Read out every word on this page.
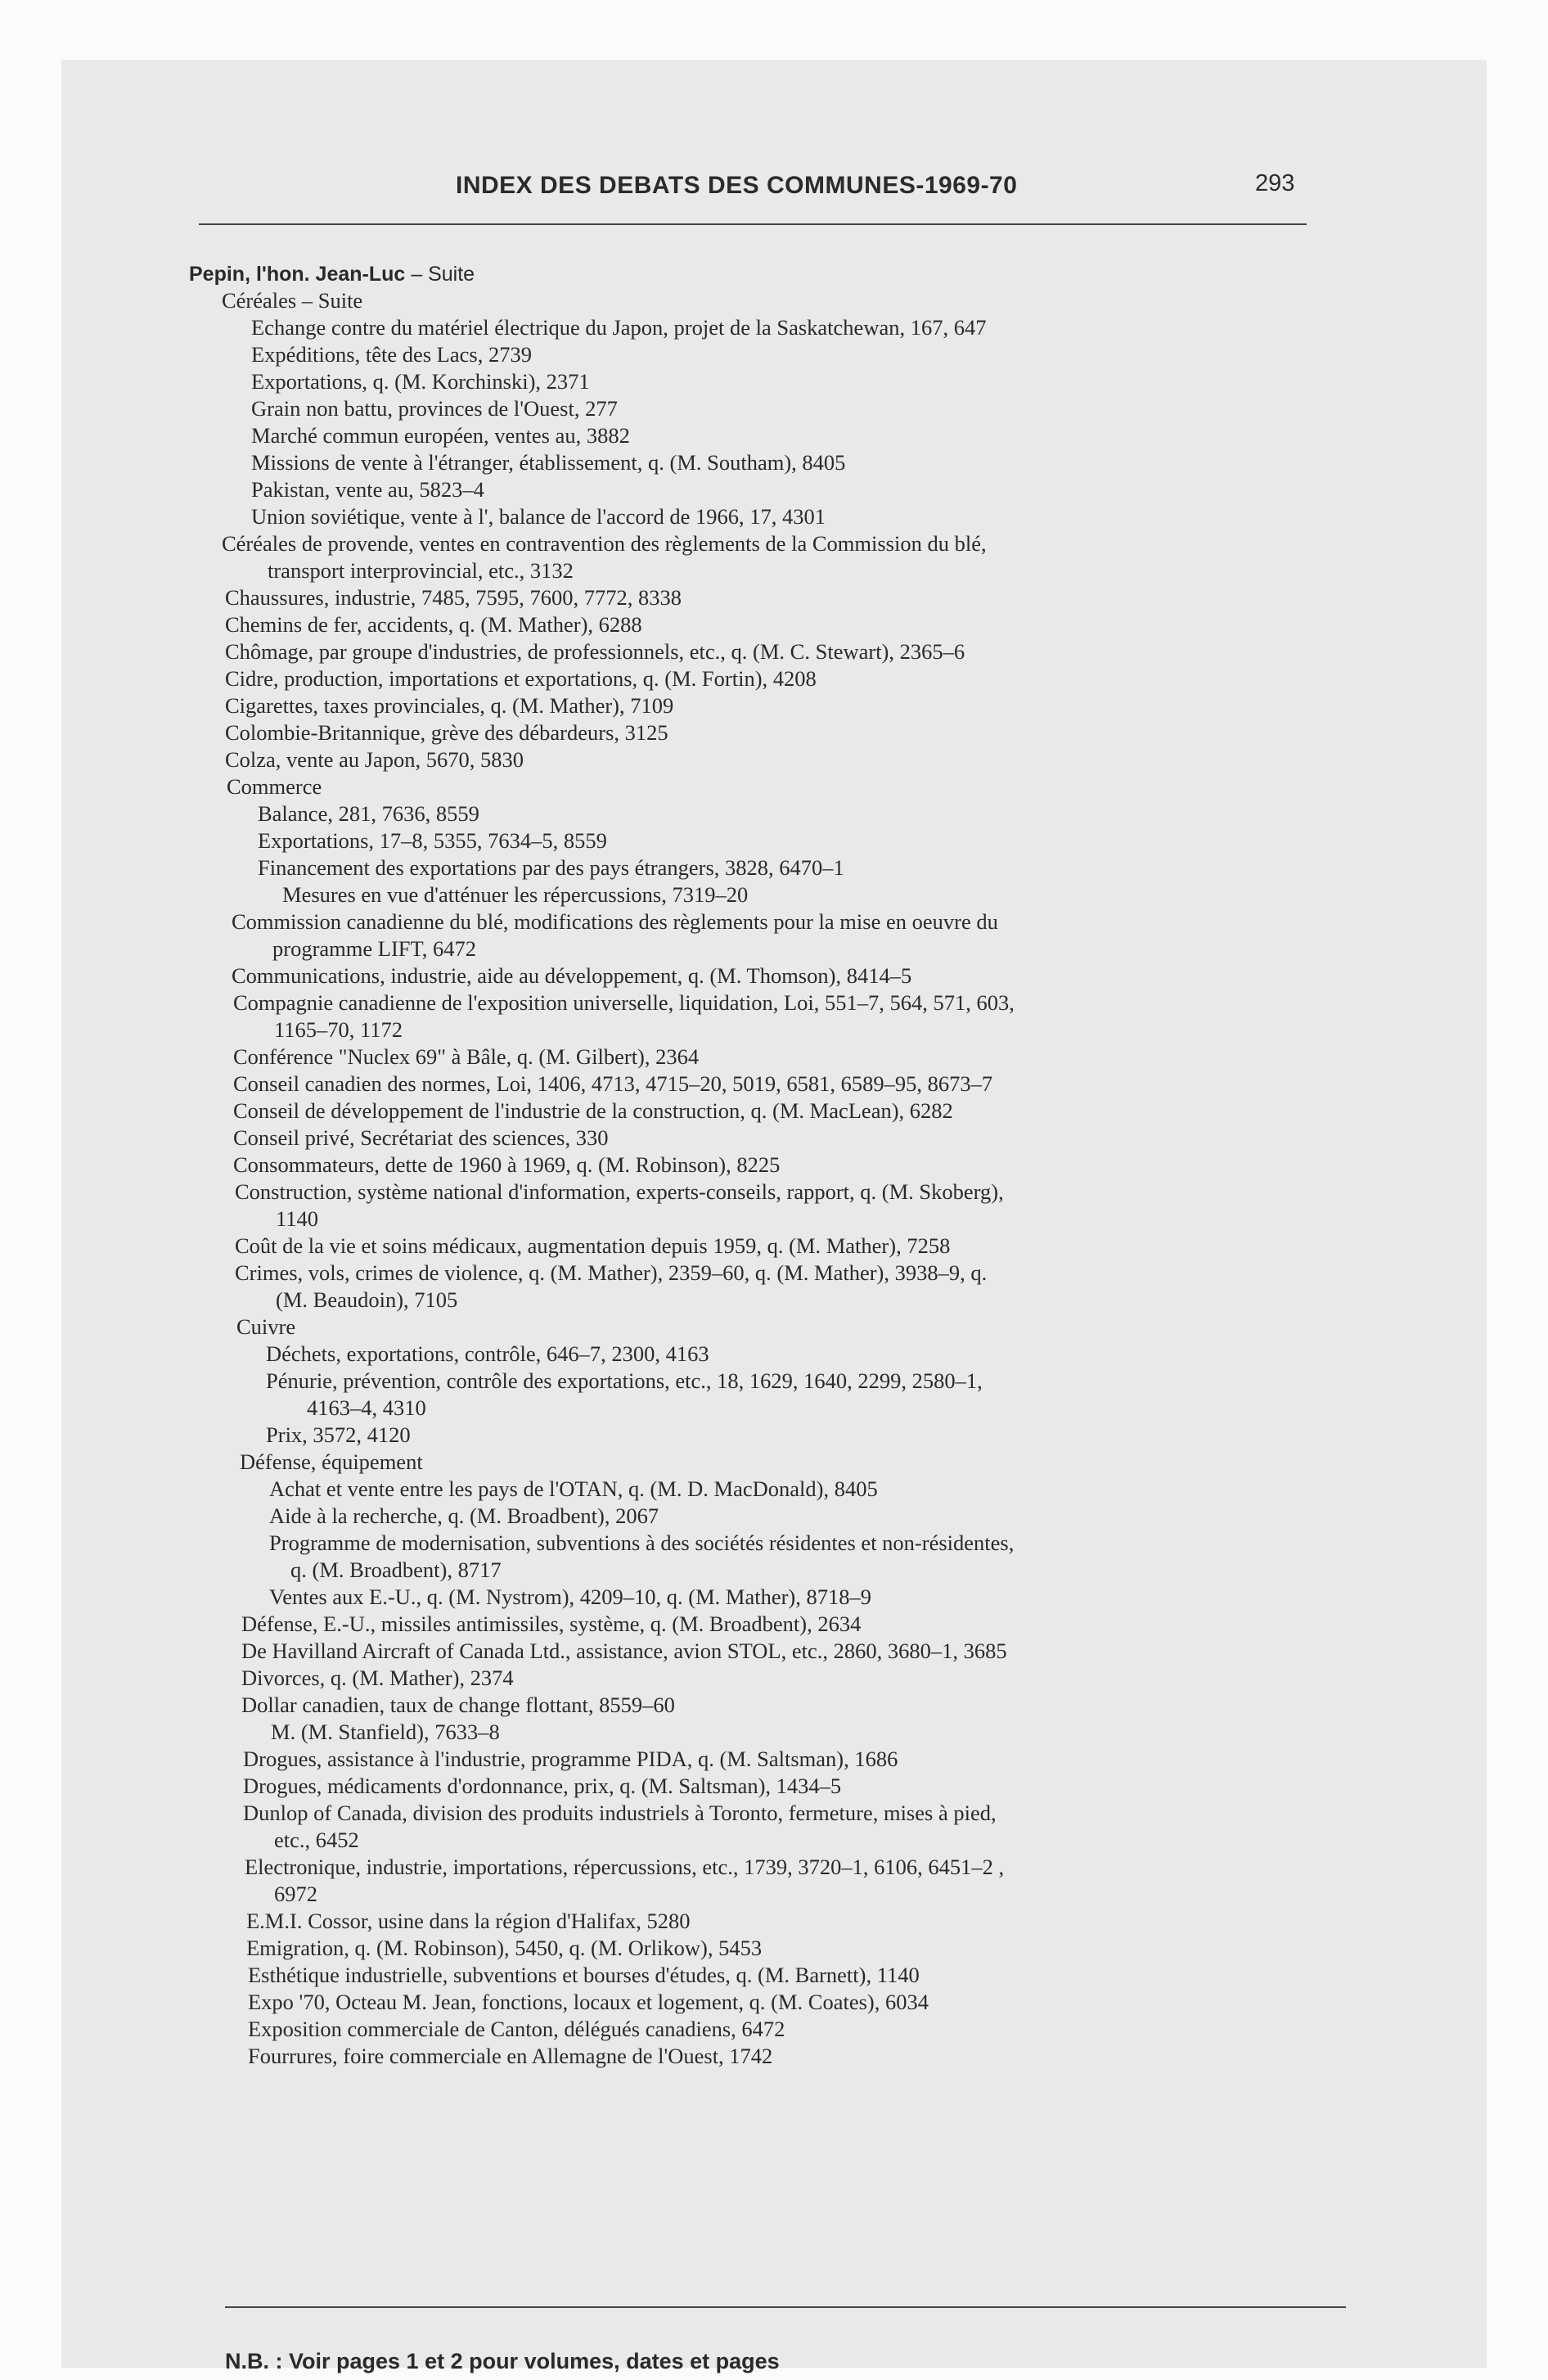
INDEX DES DEBATS DES COMMUNES-1969-70	293
Pepin, l'hon. Jean-Luc – Suite
Céréales – Suite
Echange contre du matériel électrique du Japon, projet de la Saskatchewan, 167, 647
Expéditions, tête des Lacs, 2739
Exportations, q. (M. Korchinski), 2371
Grain non battu, provinces de l'Ouest, 277
Marché commun européen, ventes au, 3882
Missions de vente à l'étranger, établissement, q. (M. Southam), 8405
Pakistan, vente au, 5823–4
Union soviétique, vente à l', balance de l'accord de 1966, 17, 4301
Céréales de provende, ventes en contravention des règlements de la Commission du blé,
transport interprovincial, etc., 3132
Chaussures, industrie, 7485, 7595, 7600, 7772, 8338
Chemins de fer, accidents, q. (M. Mather), 6288
Chômage, par groupe d'industries, de professionnels, etc., q. (M. C. Stewart), 2365–6
Cidre, production, importations et exportations, q. (M. Fortin), 4208
Cigarettes, taxes provinciales, q. (M. Mather), 7109
Colombie-Britannique, grève des débardeurs, 3125
Colza, vente au Japon, 5670, 5830
Commerce
Balance, 281, 7636, 8559
Exportations, 17–8, 5355, 7634–5, 8559
Financement des exportations par des pays étrangers, 3828, 6470–1
Mesures en vue d'atténuer les répercussions, 7319–20
Commission canadienne du blé, modifications des règlements pour la mise en oeuvre du
programme LIFT, 6472
Communications, industrie, aide au développement, q. (M. Thomson), 8414–5
Compagnie canadienne de l'exposition universelle, liquidation, Loi, 551–7, 564, 571, 603,
1165–70, 1172
Conférence "Nuclex 69" à Bâle, q. (M. Gilbert), 2364
Conseil canadien des normes, Loi, 1406, 4713, 4715–20, 5019, 6581, 6589–95, 8673–7
Conseil de développement de l'industrie de la construction, q. (M. MacLean), 6282
Conseil privé, Secrétariat des sciences, 330
Consommateurs, dette de 1960 à 1969, q. (M. Robinson), 8225
Construction, système national d'information, experts-conseils, rapport, q. (M. Skoberg),
1140
Coût de la vie et soins médicaux, augmentation depuis 1959, q. (M. Mather), 7258
Crimes, vols, crimes de violence, q. (M. Mather), 2359–60, q. (M. Mather), 3938–9, q.
(M. Beaudoin), 7105
Cuivre
Déchets, exportations, contrôle, 646–7, 2300, 4163
Pénurie, prévention, contrôle des exportations, etc., 18, 1629, 1640, 2299, 2580–1,
4163–4, 4310
Prix, 3572, 4120
Défense, équipement
Achat et vente entre les pays de l'OTAN, q. (M. D. MacDonald), 8405
Aide à la recherche, q. (M. Broadbent), 2067
Programme de modernisation, subventions à des sociétés résidentes et non-résidentes,
q. (M. Broadbent), 8717
Ventes aux E.-U., q. (M. Nystrom), 4209–10, q. (M. Mather), 8718–9
Défense, E.-U., missiles antimissiles, système, q. (M. Broadbent), 2634
De Havilland Aircraft of Canada Ltd., assistance, avion STOL, etc., 2860, 3680–1, 3685
Divorces, q. (M. Mather), 2374
Dollar canadien, taux de change flottant, 8559–60
M. (M. Stanfield), 7633–8
Drogues, assistance à l'industrie, programme PIDA, q. (M. Saltsman), 1686
Drogues, médicaments d'ordonnance, prix, q. (M. Saltsman), 1434–5
Dunlop of Canada, division des produits industriels à Toronto, fermeture, mises à pied,
etc., 6452
Electronique, industrie, importations, répercussions, etc., 1739, 3720–1, 6106, 6451–2 ,
6972
E.M.I. Cossor, usine dans la région d'Halifax, 5280
Emigration, q. (M. Robinson), 5450, q. (M. Orlikow), 5453
Esthétique industrielle, subventions et bourses d'études, q. (M. Barnett), 1140
Expo '70, Octeau M. Jean, fonctions, locaux et logement, q. (M. Coates), 6034
Exposition commerciale de Canton, délégués canadiens, 6472
Fourrures, foire commerciale en Allemagne de l'Ouest, 1742
N.B. : Voir pages 1 et 2 pour volumes, dates et pages
